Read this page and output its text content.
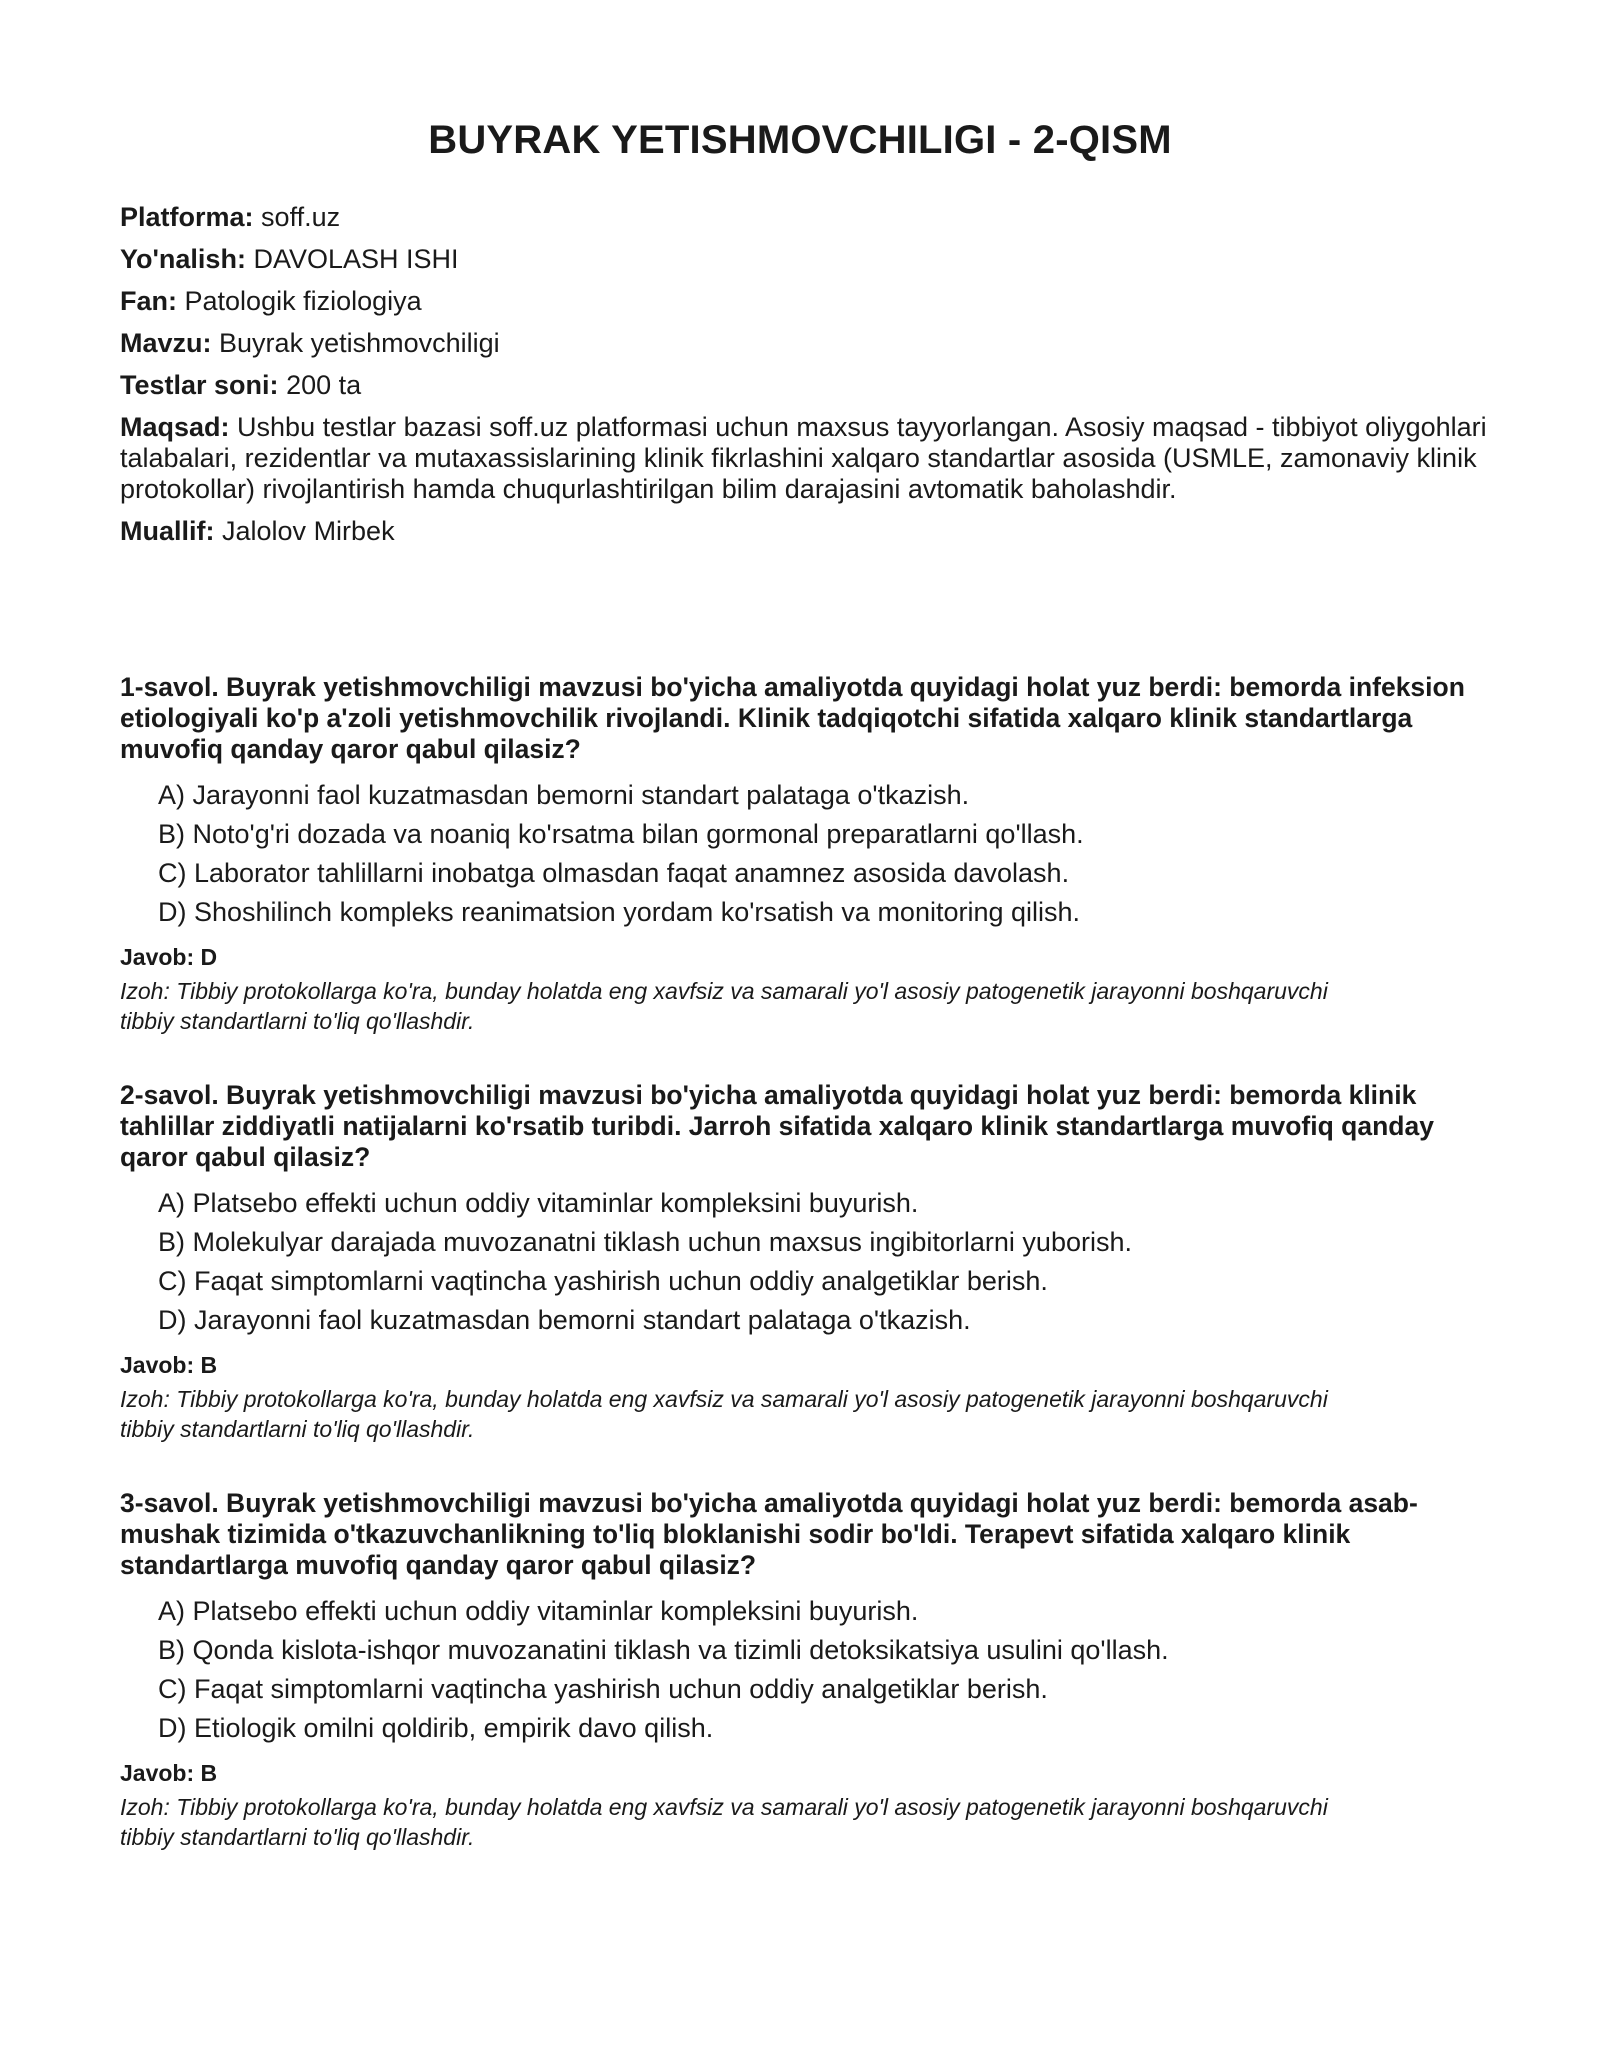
BUYRAK YETISHMOVCHILIGI - 2-QISM

Platforma: soff.uz

Yo'nalish: DAVOLASH ISHI

Fan: Patologik fiziologiya

Mavzu: Buyrak yetishmovchiligi

Testlar soni: 200 ta

Maqsad: Ushbu testlar bazasi soff.uz platformasi uchun maxsus tayyorlangan. Asosiy maqsad - tibbiyot oliygohlari talabalari, rezidentlar va mutaxassislarining klinik fikrlashini xalqaro standartlar asosida (USMLE, zamonaviy klinik protokollar) rivojlantirish hamda chuqurlashtirilgan bilim darajasini avtomatik baholashdir.

Muallif: Jalolov Mirbek

1-savol. Buyrak yetishmovchiligi mavzusi bo'yicha amaliyotda quyidagi holat yuz berdi: bemorda infeksion etiologiyali ko'p a'zoli yetishmovchilik rivojlandi. Klinik tadqiqotchi sifatida xalqaro klinik standartlarga muvofiq qanday qaror qabul qilasiz?

A) Jarayonni faol kuzatmasdan bemorni standart palataga o'tkazish.
B) Noto'g'ri dozada va noaniq ko'rsatma bilan gormonal preparatlarni qo'llash.
C) Laborator tahlillarni inobatga olmasdan faqat anamnez asosida davolash.
D) Shoshilinch kompleks reanimatsion yordam ko'rsatish va monitoring qilish.

Javob: D

Izoh: Tibbiy protokollarga ko'ra, bunday holatda eng xavfsiz va samarali yo'l asosiy patogenetik jarayonni boshqaruvchi tibbiy standartlarni to'liq qo'llashdir.

2-savol. Buyrak yetishmovchiligi mavzusi bo'yicha amaliyotda quyidagi holat yuz berdi: bemorda klinik tahlillar ziddiyatli natijalarni ko'rsatib turibdi. Jarroh sifatida xalqaro klinik standartlarga muvofiq qanday qaror qabul qilasiz?

A) Platsebo effekti uchun oddiy vitaminlar kompleksini buyurish.
B) Molekulyar darajada muvozanatni tiklash uchun maxsus ingibitorlarni yuborish.
C) Faqat simptomlarni vaqtincha yashirish uchun oddiy analgetiklar berish.
D) Jarayonni faol kuzatmasdan bemorni standart palataga o'tkazish.

Javob: B

Izoh: Tibbiy protokollarga ko'ra, bunday holatda eng xavfsiz va samarali yo'l asosiy patogenetik jarayonni boshqaruvchi tibbiy standartlarni to'liq qo'llashdir.

3-savol. Buyrak yetishmovchiligi mavzusi bo'yicha amaliyotda quyidagi holat yuz berdi: bemorda asab-mushak tizimida o'tkazuvchanlikning to'liq bloklanishi sodir bo'ldi. Terapevt sifatida xalqaro klinik standartlarga muvofiq qanday qaror qabul qilasiz?

A) Platsebo effekti uchun oddiy vitaminlar kompleksini buyurish.
B) Qonda kislota-ishqor muvozanatini tiklash va tizimli detoksikatsiya usulini qo'llash.
C) Faqat simptomlarni vaqtincha yashirish uchun oddiy analgetiklar berish.
D) Etiologik omilni qoldirib, empirik davo qilish.

Javob: B

Izoh: Tibbiy protokollarga ko'ra, bunday holatda eng xavfsiz va samarali yo'l asosiy patogenetik jarayonni boshqaruvchi tibbiy standartlarni to'liq qo'llashdir.
